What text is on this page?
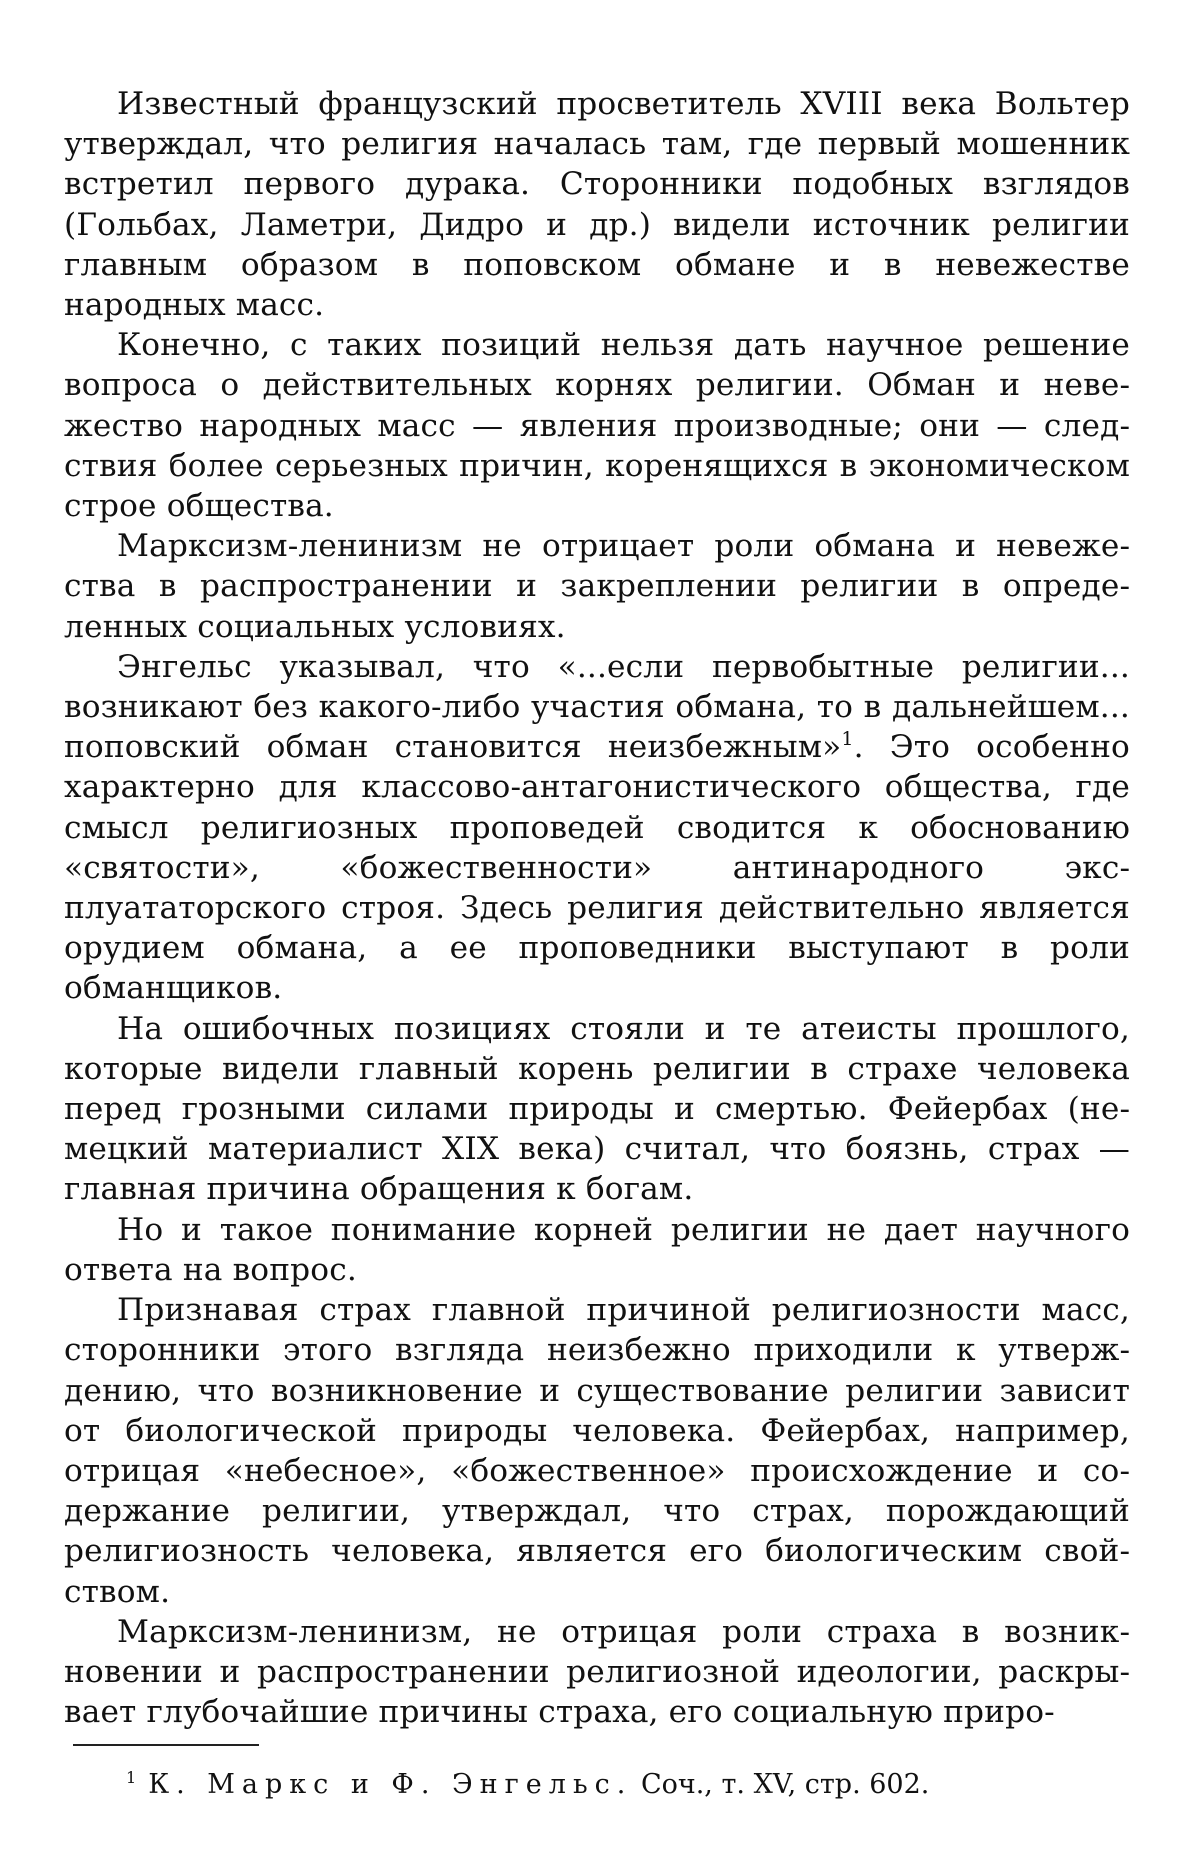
Известный французский просветитель XVIII века Вольтер утверждал, что религия началась там, где первый мошенник встретил первого дурака. Сторонники подобных взглядов (Гольбах, Ламетри, Дидро и др.) видели источник религии главным образом в поповском обмане и в невежестве народных масс.

Конечно, с таких позиций нельзя дать научное решение вопроса о действительных корнях религии. Обман и невежество народных масс — явления производные; они — следствия более серьезных причин, коренящихся в экономическом строе общества.

Марксизм-ленинизм не отрицает роли обмана и невежества в распространении и закреплении религии в определенных социальных условиях.

Энгельс указывал, что «...если первобытные религии... возникают без какого-либо участия обмана, то в дальнейшем... поповский обман становится неизбежным»$^1$. Это особенно характерно для классово-антагонистического общества, где смысл религиозных проповедей сводится к обоснованию «святости», «божественности» антинародного эксплуататорского строя. Здесь религия действительно является орудием обмана, а ее проповедники выступают в роли обманщиков.

На ошибочных позициях стояли и те атеисты прошлого, которые видели главный корень религии в страхе человека перед грозными силами природы и смертью. Фейербах (немецкий материалист XIX века) считал, что боязнь, страх — главная причина обращения к богам.

Но и такое понимание корней религии не дает научного ответа на вопрос.

Признавая страх главной причиной религиозности масс, сторонники этого взгляда неизбежно приходили к утверждению, что возникновение и существование религии зависит от биологической природы человека. Фейербах, например, отрицая «небесное», «божественное» происхождение и содержание религии, утверждал, что страх, порождающий религиозность человека, является его биологическим свойством.

Марксизм-ленинизм, не отрицая роли страха в возникновении и распространении религиозной идеологии, раскрывает глубочайшие причины страха, его социальную приро-

$^1$ К. Маркс и Ф. Энгельс. Соч., т. XV, стр. 602.
